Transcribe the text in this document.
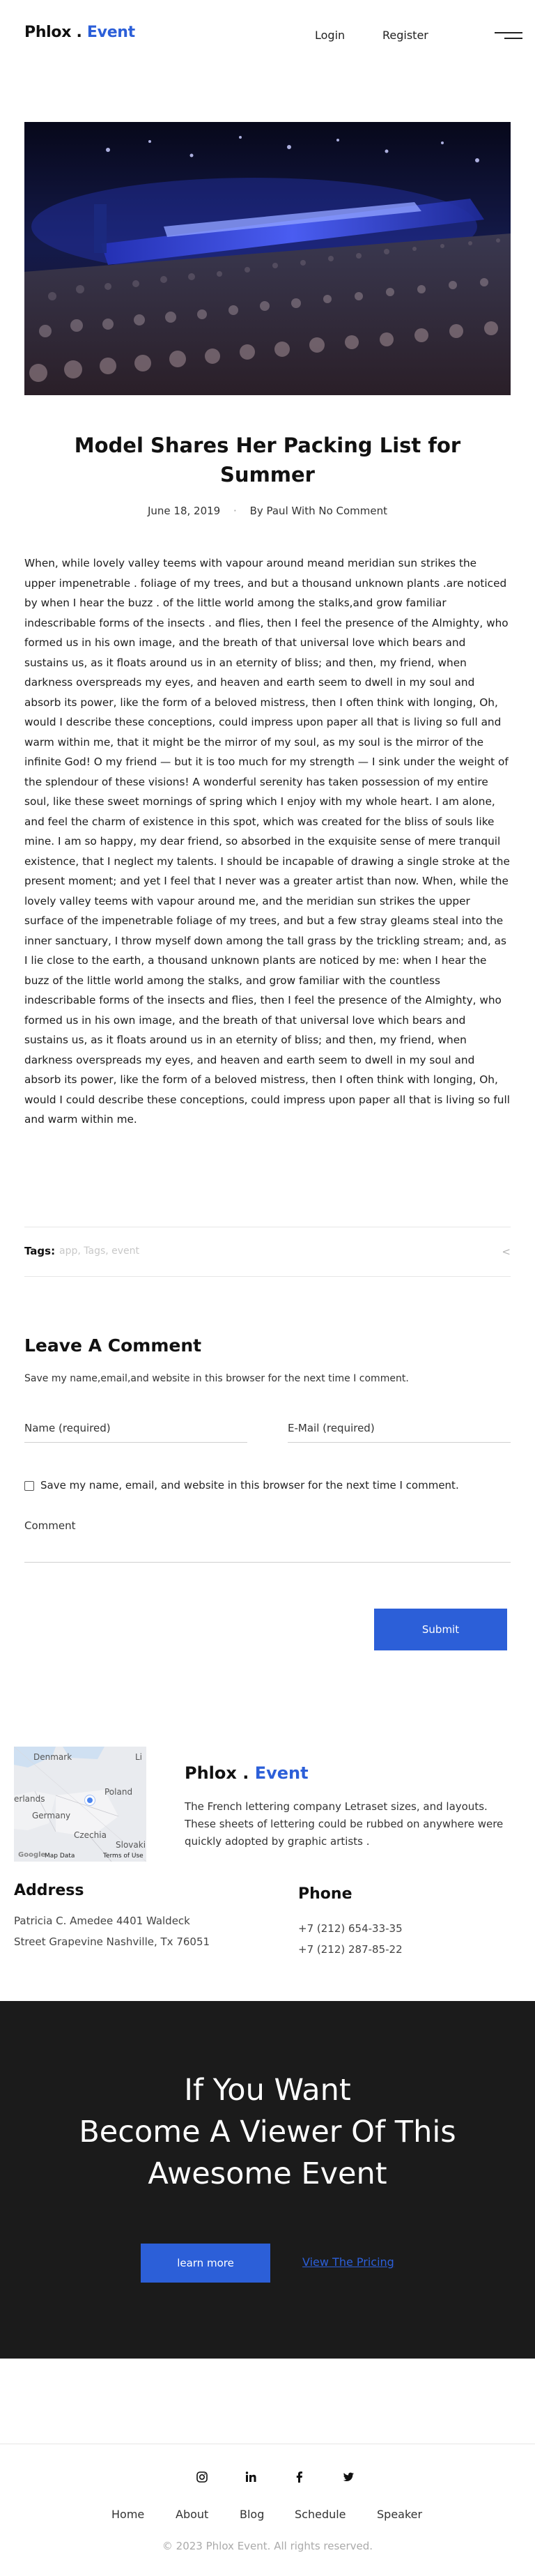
Phlox . Event	Login	Register
Model Shares Her Packing List for Summer
June 18, 2019 · By Paul With No Comment

When, while lovely valley teems with vapour around meand meridian sun strikes the upper impenetrable . foliage of my trees, and but a thousand unknown plants .are noticed by when I hear the buzz . of the little world among the stalks,and grow familiar indescribable forms of the insects . and flies, then I feel the presence of the Almighty, who formed us in his own image, and the breath of that universal love which bears and sustains us, as it floats around us in an eternity of bliss; and then, my friend, when darkness overspreads my eyes, and heaven and earth seem to dwell in my soul and absorb its power, like the form of a beloved mistress, then I often think with longing, Oh, would I describe these conceptions, could impress upon paper all that is living so full and warm within me, that it might be the mirror of my soul, as my soul is the mirror of the infinite God! O my friend — but it is too much for my strength — I sink under the weight of the splendour of these visions! A wonderful serenity has taken possession of my entire soul, like these sweet mornings of spring which I enjoy with my whole heart. I am alone, and feel the charm of existence in this spot, which was created for the bliss of souls like mine. I am so happy, my dear friend, so absorbed in the exquisite sense of mere tranquil existence, that I neglect my talents. I should be incapable of drawing a single stroke at the present moment; and yet I feel that I never was a greater artist than now. When, while the lovely valley teems with vapour around me, and the meridian sun strikes the upper surface of the impenetrable foliage of my trees, and but a few stray gleams steal into the inner sanctuary, I throw myself down among the tall grass by the trickling stream; and, as I lie close to the earth, a thousand unknown plants are noticed by me: when I hear the buzz of the little world among the stalks, and grow familiar with the countless indescribable forms of the insects and flies, then I feel the presence of the Almighty, who formed us in his own image, and the breath of that universal love which bears and sustains us, as it floats around us in an eternity of bliss; and then, my friend, when darkness overspreads my eyes, and heaven and earth seem to dwell in my soul and absorb its power, like the form of a beloved mistress, then I often think with longing, Oh, would I could describe these conceptions, could impress upon paper all that is living so full and warm within me.

Tags: app, Tags, event	<
Leave A Comment

Save my name,email,and website in this browser for the next time I comment.

Name (required)
E-Mail (required)
Save my name, email, and website in this browser for the next time I comment.
Comment
Submit
Denmark	Li
Poland
erlands
Germany
Czechia
Slovaki
Google
Map Data	Terms of Use
Phlox . Event

The French lettering company Letraset sizes, and layouts. These sheets of lettering could be rubbed on anywhere were quickly adopted by graphic artists .

Address

Patricia C. Amedee 4401 Waldeck

Street Grapevine Nashville, Tx 76051

Phone

+7 (212) 654-33-35

+7 (212) 287-85-22

If You Want
Become A Viewer Of This
Awesome Event
learn more	View The Pricing
Home	About	Blog	Schedule	Speaker

© 2023 Phlox Event. All rights reserved.
